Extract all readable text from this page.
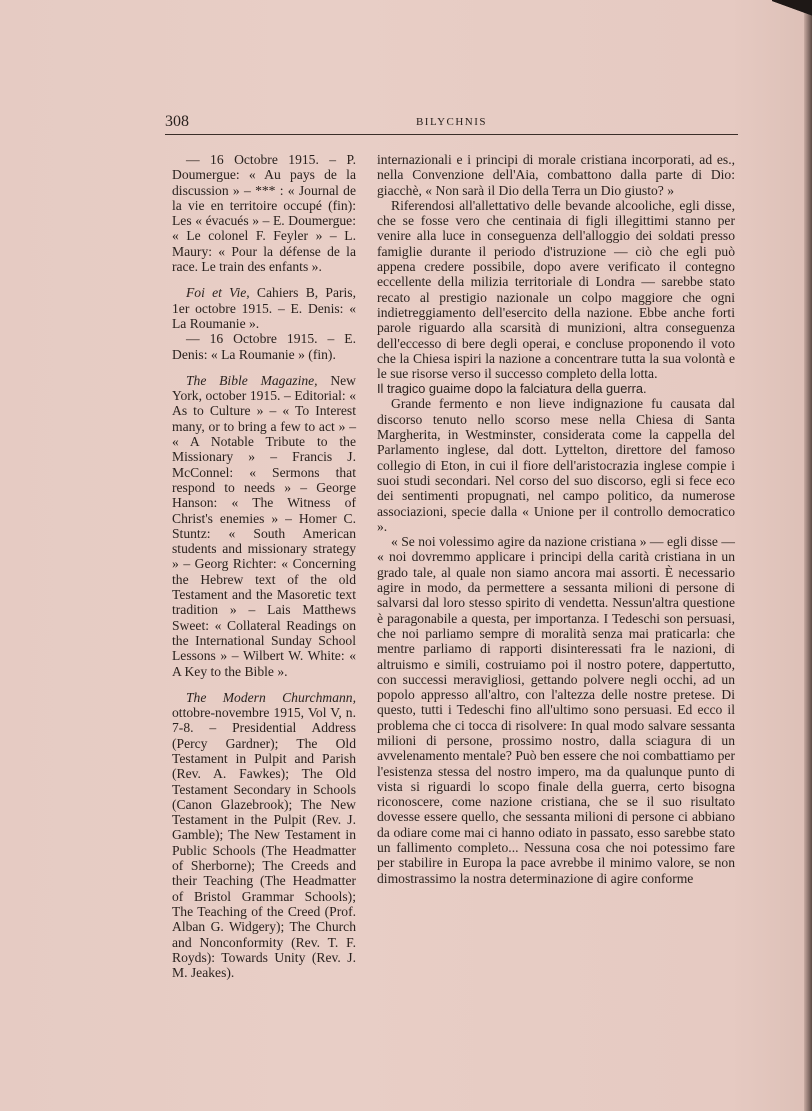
308	BILYCHNIS

— 16 Octobre 1915. – P. Doumergue: « Au pays de la discussion » – *** : « Journal de la vie en territoire occupé (fin): Les « évacués » – E. Doumergue: « Le colonel F. Feyler » – L. Maury: « Pour la défense de la race. Le train des enfants ».

Foi et Vie, Cahiers B, Paris, 1er octobre 1915. – E. Denis: « La Roumanie ».

— 16 Octobre 1915. – E. Denis: « La Roumanie » (fin).

The Bible Magazine, New York, october 1915. – Editorial: « As to Culture » – « To Interest many, or to bring a few to act » – « A Notable Tribute to the Missionary » – Francis J. McConnel: « Sermons that respond to needs » – George Hanson: « The Witness of Christ's enemies » – Homer C. Stuntz: « South American students and missionary strategy » – Georg Richter: « Concerning the Hebrew text of the old Testament and the Masoretic text tradition » – Lais Matthews Sweet: « Collateral Readings on the International Sunday School Lessons » – Wilbert W. White: « A Key to the Bible ».

The Modern Churchmann, ottobre-novembre 1915, Vol V, n. 7-8. – Presidential Address (Percy Gardner); The Old Testament in Pulpit and Parish (Rev. A. Fawkes); The Old Testament Secondary in Schools (Canon Glazebrook); The New Testament in the Pulpit (Rev. J. Gamble); The New Testament in Public Schools (The Headmatter of Sherborne); The Creeds and their Teaching (The Headmatter of Bristol Grammar Schools); The Teaching of the Creed (Prof. Alban G. Widgery); The Church and Nonconformity (Rev. T. F. Royds): Towards Unity (Rev. J. M. Jeakes).

internazionali e i principi di morale cristiana incorporati, ad es., nella Convenzione dell'Aia, combattono dalla parte di Dio: giacchè, « Non sarà il Dio della Terra un Dio giusto? »

Riferendosi all'allettativo delle bevande alcooliche, egli disse, che se fosse vero che centinaia di figli illegittimi stanno per venire alla luce in conseguenza dell'alloggio dei soldati presso famiglie durante il periodo d'istruzione — ciò che egli può appena credere possibile, dopo avere verificato il contegno eccellente della milizia territoriale di Londra — sarebbe stato recato al prestigio nazionale un colpo maggiore che ogni indietreggiamento dell'esercito della nazione. Ebbe anche forti parole riguardo alla scarsità di munizioni, altra conseguenza dell'eccesso di bere degli operai, e concluse proponendo il voto che la Chiesa ispiri la nazione a concentrare tutta la sua volontà e le sue risorse verso il successo completo della lotta.

Il tragico guaime dopo la falciatura della guerra.

Grande fermento e non lieve indignazione fu causata dal discorso tenuto nello scorso mese nella Chiesa di Santa Margherita, in Westminster, considerata come la cappella del Parlamento inglese, dal dott. Lyttelton, direttore del famoso collegio di Eton, in cui il fiore dell'aristocrazia inglese compie i suoi studi secondari. Nel corso del suo discorso, egli si fece eco dei sentimenti propugnati, nel campo politico, da numerose associazioni, specie dalla « Unione per il controllo democratico ».

« Se noi volessimo agire da nazione cristiana » — egli disse — « noi dovremmo applicare i principi della carità cristiana in un grado tale, al quale non siamo ancora mai assorti. È necessario agire in modo, da permettere a sessanta milioni di persone di salvarsi dal loro stesso spirito di vendetta. Nessun'altra questione è paragonabile a questa, per importanza. I Tedeschi son persuasi, che noi parliamo sempre di moralità senza mai praticarla: che mentre parliamo di rapporti disinteressati fra le nazioni, di altruismo e simili, costruiamo poi il nostro potere, dappertutto, con successi meravigliosi, gettando polvere negli occhi, ad un popolo appresso all'altro, con l'altezza delle nostre pretese. Di questo, tutti i Tedeschi fino all'ultimo sono persuasi. Ed ecco il problema che ci tocca di risolvere: In qual modo salvare sessanta milioni di persone, prossimo nostro, dalla sciagura di un avvelenamento mentale? Può ben essere che noi combattiamo per l'esistenza stessa del nostro impero, ma da qualunque punto di vista si riguardi lo scopo finale della guerra, certo bisogna riconoscere, come nazione cristiana, che se il suo risultato dovesse essere quello, che sessanta milioni di persone ci abbiano da odiare come mai ci hanno odiato in passato, esso sarebbe stato un fallimento completo... Nessuna cosa che noi potessimo fare per stabilire in Europa la pace avrebbe il minimo valore, se non dimostrassimo la nostra determinazione di agire conforme
